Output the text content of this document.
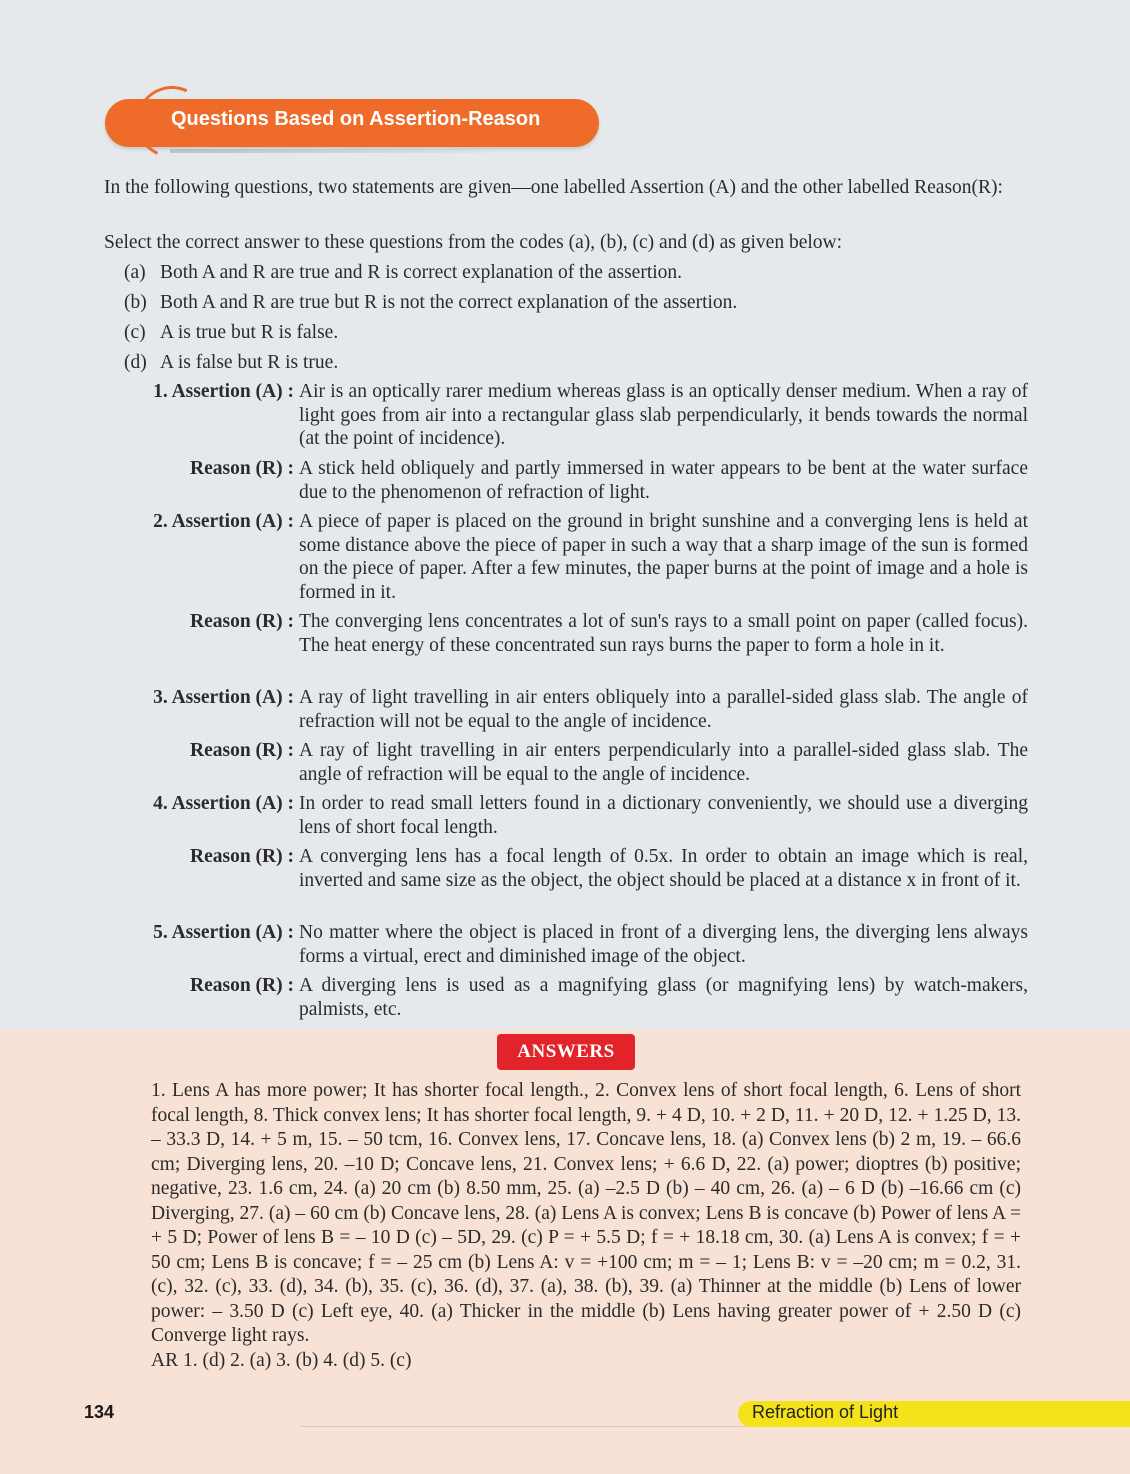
Questions Based on Assertion-Reason
In the following questions, two statements are given—one labelled Assertion (A) and the other labelled Reason(R):
Select the correct answer to these questions from the codes (a), (b), (c) and (d) as given below:
(a) Both A and R are true and R is correct explanation of the assertion.
(b) Both A and R are true but R is not the correct explanation of the assertion.
(c) A is true but R is false.
(d) A is false but R is true.
1. Assertion (A) : Air is an optically rarer medium whereas glass is an optically denser medium. When a ray of light goes from air into a rectangular glass slab perpendicularly, it bends towards the normal (at the point of incidence).
Reason (R) : A stick held obliquely and partly immersed in water appears to be bent at the water surface due to the phenomenon of refraction of light.
2. Assertion (A) : A piece of paper is placed on the ground in bright sunshine and a converging lens is held at some distance above the piece of paper in such a way that a sharp image of the sun is formed on the piece of paper. After a few minutes, the paper burns at the point of image and a hole is formed in it.
Reason (R) : The converging lens concentrates a lot of sun's rays to a small point on paper (called focus). The heat energy of these concentrated sun rays burns the paper to form a hole in it.
3. Assertion (A) : A ray of light travelling in air enters obliquely into a parallel-sided glass slab. The angle of refraction will not be equal to the angle of incidence.
Reason (R) : A ray of light travelling in air enters perpendicularly into a parallel-sided glass slab. The angle of refraction will be equal to the angle of incidence.
4. Assertion (A) : In order to read small letters found in a dictionary conveniently, we should use a diverging lens of short focal length.
Reason (R) : A converging lens has a focal length of 0.5x. In order to obtain an image which is real, inverted and same size as the object, the object should be placed at a distance x in front of it.
5. Assertion (A) : No matter where the object is placed in front of a diverging lens, the diverging lens always forms a virtual, erect and diminished image of the object.
Reason (R) : A diverging lens is used as a magnifying glass (or magnifying lens) by watch-makers, palmists, etc.
ANSWERS
1. Lens A has more power; It has shorter focal length., 2. Convex lens of short focal length, 6. Lens of short focal length, 8. Thick convex lens; It has shorter focal length, 9. + 4 D, 10. + 2 D, 11. + 20 D, 12. + 1.25 D, 13. – 33.3 D, 14. + 5 m, 15. – 50 tcm, 16. Convex lens, 17. Concave lens, 18. (a) Convex lens (b) 2 m, 19. – 66.6 cm; Diverging lens, 20. –10 D; Concave lens, 21. Convex lens; + 6.6 D, 22. (a) power; dioptres (b) positive; negative, 23. 1.6 cm, 24. (a) 20 cm (b) 8.50 mm, 25. (a) –2.5 D (b) – 40 cm, 26. (a) – 6 D (b) –16.66 cm (c) Diverging, 27. (a) – 60 cm (b) Concave lens, 28. (a) Lens A is convex; Lens B is concave (b) Power of lens A = + 5 D; Power of lens B = – 10 D (c) – 5D, 29. (c) P = + 5.5 D; f = + 18.18 cm, 30. (a) Lens A is convex; f = + 50 cm; Lens B is concave; f = – 25 cm (b) Lens A: v = +100 cm; m = – 1; Lens B: v = –20 cm; m = 0.2, 31. (c), 32. (c), 33. (d), 34. (b), 35. (c), 36. (d), 37. (a), 38. (b), 39. (a) Thinner at the middle (b) Lens of lower power: – 3.50 D (c) Left eye, 40. (a) Thicker in the middle (b) Lens having greater power of + 2.50 D (c) Converge light rays.
AR 1. (d) 2. (a) 3. (b) 4. (d) 5. (c)
134	Refraction of Light
